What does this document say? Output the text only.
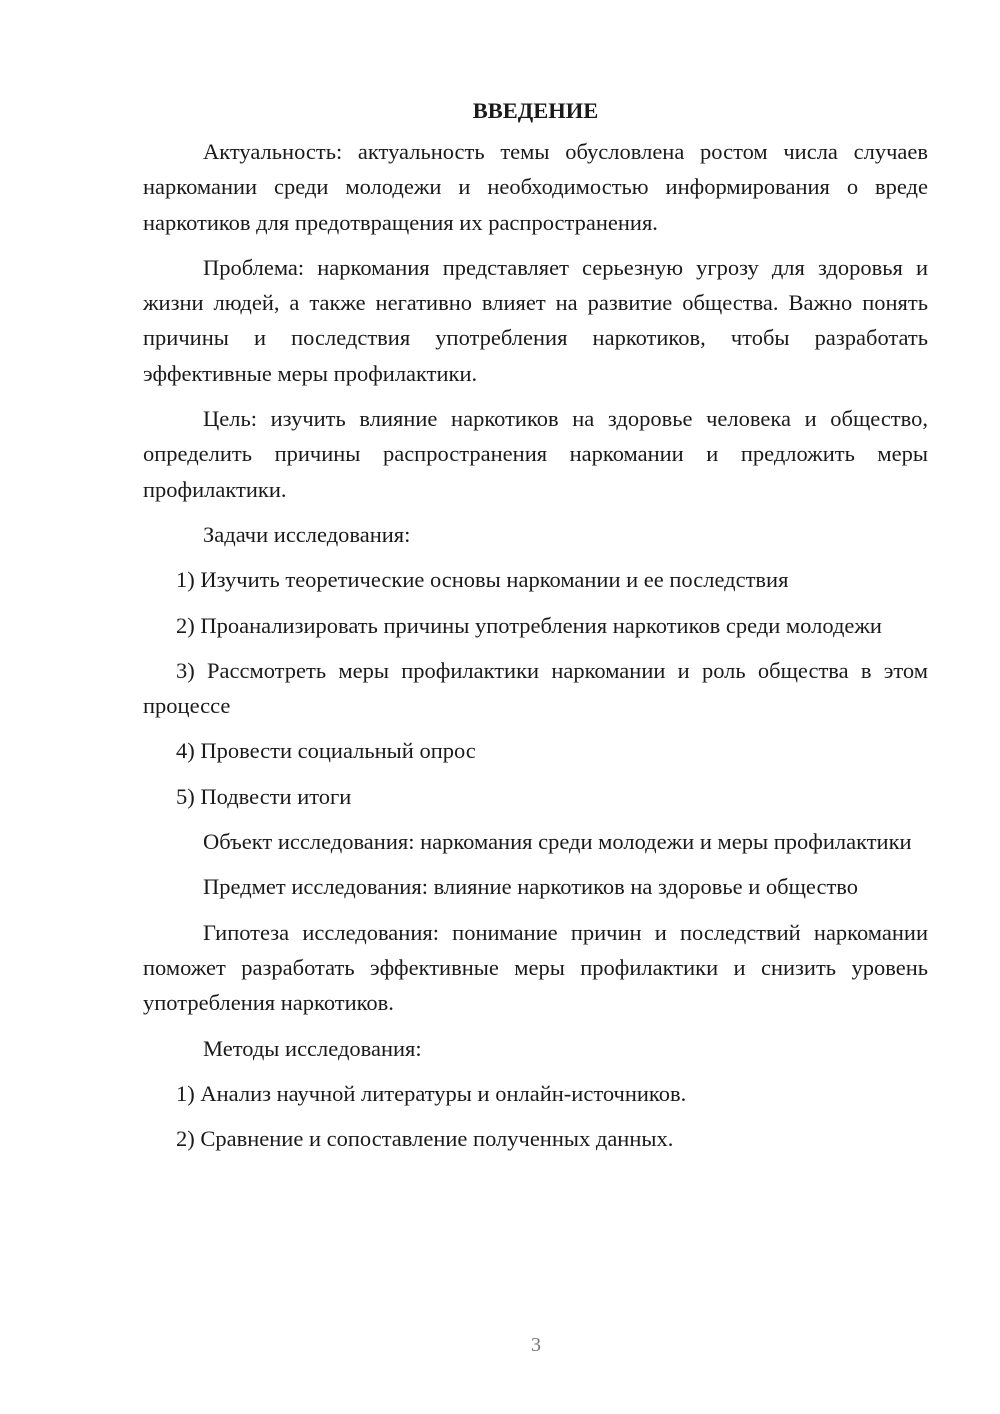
ВВЕДЕНИЕ

Актуальность: актуальность темы обусловлена ростом числа случаев наркомании среди молодежи и необходимостью информирования о вреде наркотиков для предотвращения их распространения.

Проблема: наркомания представляет серьезную угрозу для здоровья и жизни людей, а также негативно влияет на развитие общества. Важно понять причины и последствия употребления наркотиков, чтобы разработать эффективные меры профилактики.

Цель: изучить влияние наркотиков на здоровье человека и общество, определить причины распространения наркомании и предложить меры профилактики.

Задачи исследования:

1) Изучить теоретические основы наркомании и ее последствия

2) Проанализировать причины употребления наркотиков среди молодежи

3) Рассмотреть меры профилактики наркомании и роль общества в этом процессе

4) Провести социальный опрос

5) Подвести итоги

Объект исследования: наркомания среди молодежи и меры профилактики

Предмет исследования: влияние наркотиков на здоровье и общество

Гипотеза исследования: понимание причин и последствий наркомании поможет разработать эффективные меры профилактики и снизить уровень употребления наркотиков.

Методы исследования:

1) Анализ научной литературы и онлайн-источников.

2) Сравнение и сопоставление полученных данных.

3
